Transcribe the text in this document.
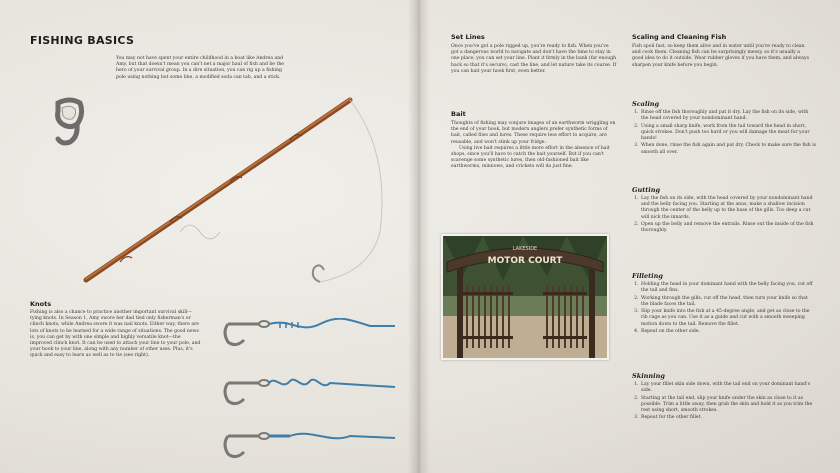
FISHING BASICS

You may not have spent your entire childhood in a boat like Andrea and Amy, but that doesn't mean you can't net a major haul of fish and be the hero of your survival group. In a dire situation, you can rig up a fishing pole using nothing but some line, a modified soda can tab, and a stick.

Knots

Fishing is also a chance to practice another important survival skill—tying knots. In Season 1, Amy swore her dad tied only fisherman's or clinch knots, while Andrea swore it was nail knots. Either way, there are lots of knots to be learned for a wide range of situations. The good news is, you can get by with one simple and highly versatile knot—the improved clinch knot. It can be used to attach your line to your pole, and your hook to your line, along with any number of other uses. Plus, it's quick and easy to learn as well as to tie (see right).

Set Lines

Once you've got a pole rigged up, you're ready to fish. When you've got a dangerous world to navigate and don't have the time to stay in one place, you can set your line. Plant it firmly in the bank (far enough back so that it's secure), cast the line, and let nature take its course. If you can bait your hook first, even better.

Bait

Thoughts of fishing may conjure images of an earthworm wriggling on the end of your hook, but modern anglers prefer synthetic forms of bait, called flies and lures. These require less effort to acquire, are reusable, and won't stink up your fridge.

Using live bait requires a little more effort in the absence of bait shops, since you'll have to catch the bait yourself. But if you can't scavenge some synthetic lures, then old-fashioned bait like earthworms, minnows, and crickets will do just fine.

LAKESIDE
MOTOR COURT
Scaling and Cleaning Fish

Fish spoil fast, so keep them alive and in water until you're ready to clean and cook them. Cleaning fish can be surprisingly messy, so it's usually a good idea to do it outside. Wear rubber gloves if you have them, and always sharpen your knife before you begin.

Scaling
1. Rinse off the fish thoroughly and pat it dry. Lay the fish on its side, with the head covered by your nondominant hand.
2. Using a small sharp knife, work from the tail toward the head in short, quick strokes. Don't push too hard or you will damage the meat for your hands!
3. When done, rinse the fish again and pat dry. Check to make sure the fish is smooth all over.
Gutting
1. Lay the fish on its side, with the head covered by your nondominant hand and the belly facing you. Starting at the anus, make a shallow incision through the center of the belly up to the base of the gills. Too deep a cut will nick the innards.
2. Open up the belly and remove the entrails. Rinse out the inside of the fish thoroughly.
Filleting
1. Holding the head in your dominant hand with the belly facing you, cut off the tail and fins.
2. Working through the gills, cut off the head, then turn your knife so that the blade faces the tail.
3. Slip your knife into the fish at a 45-degree angle, and get as close to the rib cage as you can. Use it as a guide and cut with a smooth sweeping motion down to the tail. Remove the fillet.
4. Repeat on the other side.
Skinning
1. Lay your fillet skin side down, with the tail end on your dominant hand's side.
2. Starting at the tail end, slip your knife under the skin as close to it as possible. Trim a little away, then grab the skin and hold it as you trim the rest using short, smooth strokes.
3. Repeat for the other fillet.
